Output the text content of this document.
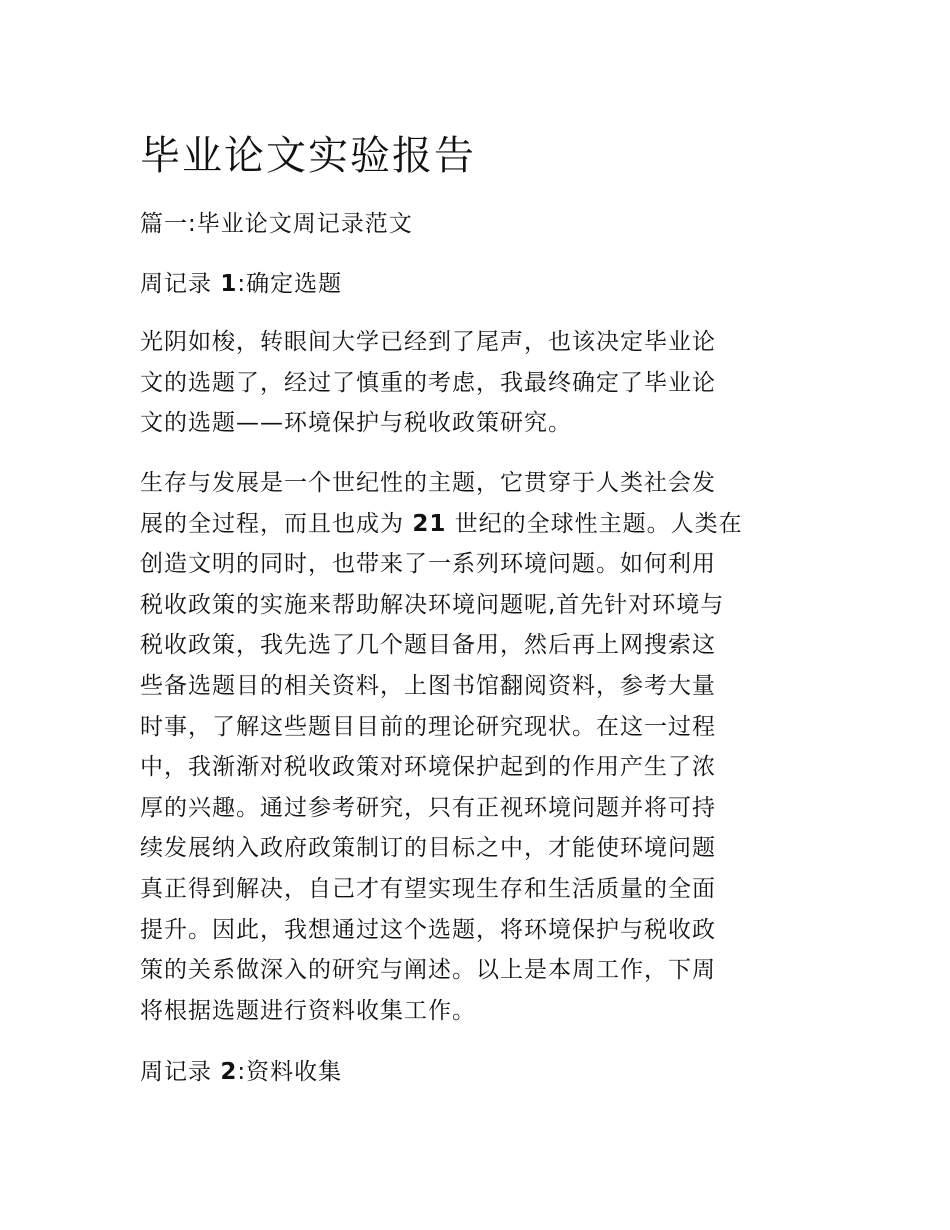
毕业论文实验报告

篇一:毕业论文周记录范文

周记录 1:确定选题

光阴如梭，转眼间大学已经到了尾声，也该决定毕业论
文的选题了，经过了慎重的考虑，我最终确定了毕业论
文的选题——环境保护与税收政策研究。
生存与发展是一个世纪性的主题，它贯穿于人类社会发
展的全过程，而且也成为 21 世纪的全球性主题。人类在
创造文明的同时，也带来了一系列环境问题。如何利用
税收政策的实施来帮助解决环境问题呢,首先针对环境与
税收政策，我先选了几个题目备用，然后再上网搜索这
些备选题目的相关资料，上图书馆翻阅资料，参考大量
时事，了解这些题目目前的理论研究现状。在这一过程
中，我渐渐对税收政策对环境保护起到的作用产生了浓
厚的兴趣。通过参考研究，只有正视环境问题并将可持
续发展纳入政府政策制订的目标之中，才能使环境问题
真正得到解决，自己才有望实现生存和生活质量的全面
提升。因此，我想通过这个选题，将环境保护与税收政
策的关系做深入的研究与阐述。以上是本周工作，下周
将根据选题进行资料收集工作。

周记录 2:资料收集
